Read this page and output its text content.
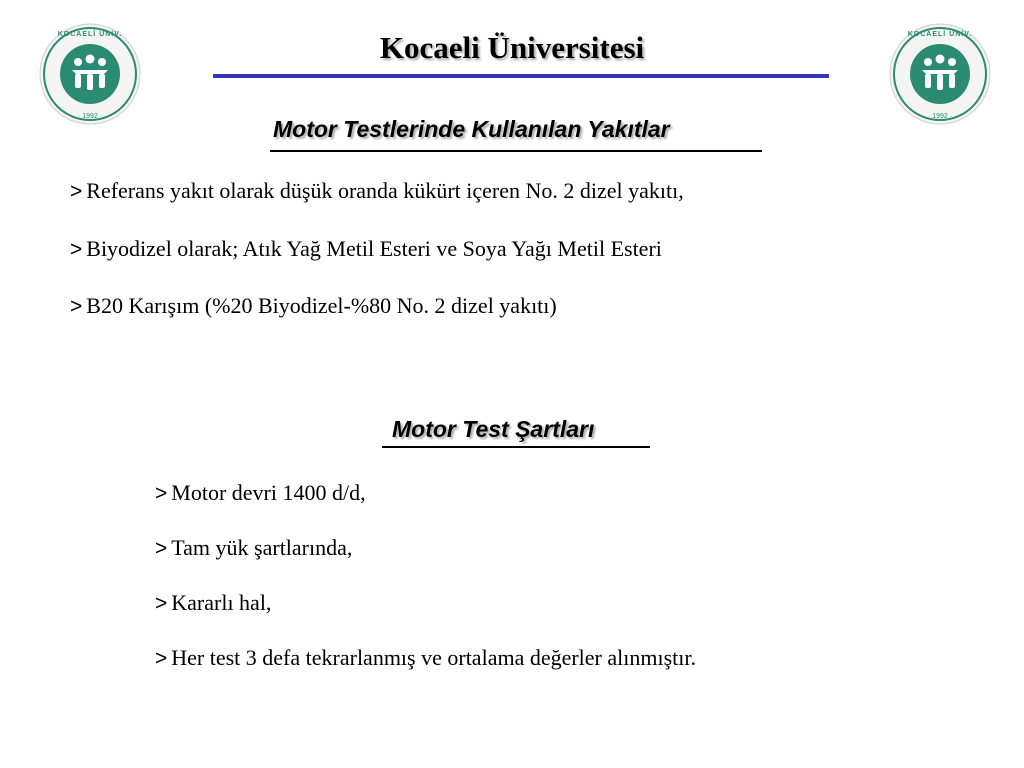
KOCAELİ ÜNİV.
· 1992 ·
KOCAELİ ÜNİV.
· 1992 ·
Kocaeli Üniversitesi
Motor Testlerinde Kullanılan Yakıtlar
> Referans yakıt olarak düşük oranda kükürt içeren No. 2 dizel yakıtı,
> Biyodizel olarak; Atık Yağ Metil Esteri ve Soya Yağı Metil Esteri
> B20 Karışım (%20 Biyodizel-%80 No. 2 dizel yakıtı)
Motor Test Şartları
> Motor devri 1400 d/d,
> Tam yük şartlarında,
> Kararlı hal,
> Her test 3 defa tekrarlanmış ve ortalama değerler alınmıştır.
